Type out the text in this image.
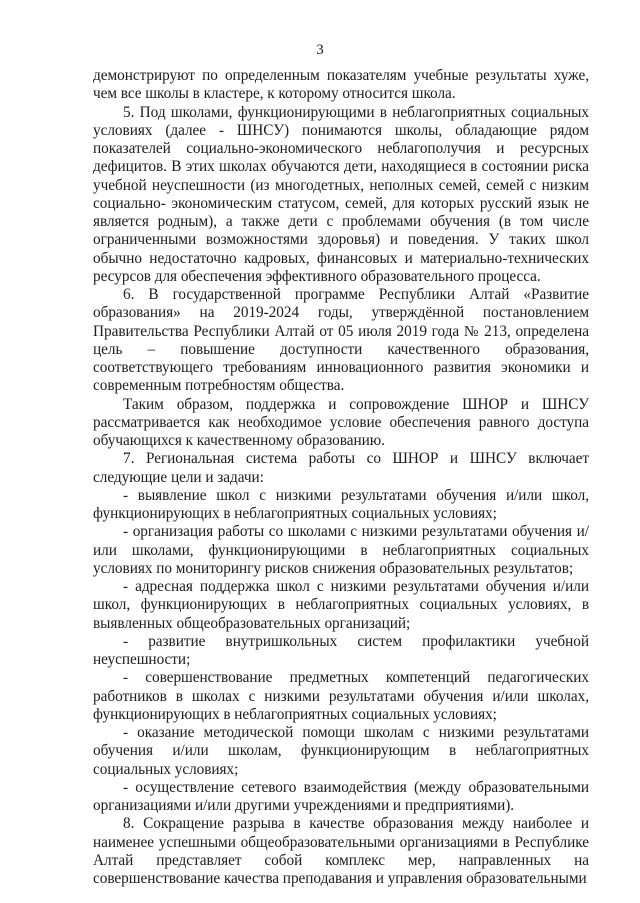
3

демонстрируют по определенным показателям учебные результаты хуже, чем все школы в кластере, к которому относится школа.

5. Под школами, функционирующими в неблагоприятных социальных условиях (далее - ШНСУ) понимаются школы, обладающие рядом показателей социально-экономического неблагополучия и ресурсных дефицитов. В этих школах обучаются дети, находящиеся в состоянии риска учебной неуспешности (из многодетных, неполных семей, семей с низким социально- экономическим статусом, семей, для которых русский язык не является родным), а также дети с проблемами обучения (в том числе ограниченными возможностями здоровья) и поведения. У таких школ обычно недостаточно кадровых, финансовых и материально-технических ресурсов для обеспечения эффективного образовательного процесса.

6. В государственной программе Республики Алтай «Развитие образования» на 2019-2024 годы, утверждённой постановлением Правительства Республики Алтай от 05 июля 2019 года № 213, определена цель – повышение доступности качественного образования, соответствующего требованиям инновационного развития экономики и современным потребностям общества.

Таким образом, поддержка и сопровождение ШНОР и ШНСУ рассматривается как необходимое условие обеспечения равного доступа обучающихся к качественному образованию.

7. Региональная система работы со ШНОР и ШНСУ включает следующие цели и задачи:

- выявление школ с низкими результатами обучения и/или школ, функционирующих в неблагоприятных социальных условиях;

- организация работы со школами с низкими результатами обучения и/или школами, функционирующими в неблагоприятных социальных условиях по мониторингу рисков снижения образовательных результатов;

- адресная поддержка школ с низкими результатами обучения и/или школ, функционирующих в неблагоприятных социальных условиях, в выявленных общеобразовательных организаций;

- развитие внутришкольных систем профилактики учебной неуспешности;

- совершенствование предметных компетенций педагогических работников в школах с низкими результатами обучения и/или школах, функционирующих в неблагоприятных социальных условиях;

- оказание методической помощи школам с низкими результатами обучения и/или школам, функционирующим в неблагоприятных социальных условиях;

- осуществление сетевого взаимодействия (между образовательными организациями и/или другими учреждениями и предприятиями).

8. Сокращение разрыва в качестве образования между наиболее и наименее успешными общеобразовательными организациями в Республике Алтай представляет собой комплекс мер, направленных на совершенствование качества преподавания и управления образовательными
